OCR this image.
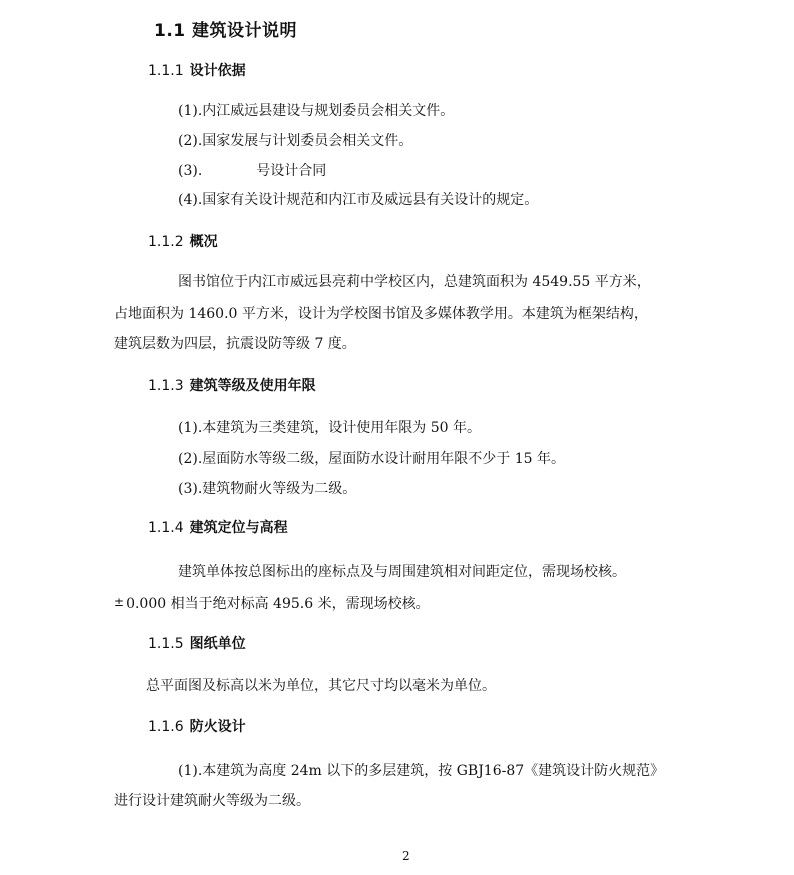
1.1 建筑设计说明
1.1.1 设计依据
(1).内江威远县建设与规划委员会相关文件。
(2).国家发展与计划委员会相关文件。
(3).	号设计合同
(4).国家有关设计规范和内江市及威远县有关设计的规定。
1.1.2 概况
图书馆位于内江市威远县亮莉中学校区内，总建筑面积为 4549.55 平方米，
占地面积为 1460.0 平方米，设计为学校图书馆及多媒体教学用。本建筑为框架结构，
建筑层数为四层，抗震设防等级 7 度。
1.1.3 建筑等级及使用年限
(1).本建筑为三类建筑，设计使用年限为 50 年。
(2).屋面防水等级二级，屋面防水设计耐用年限不少于 15 年。
(3).建筑物耐火等级为二级。
1.1.4 建筑定位与高程
建筑单体按总图标出的座标点及与周围建筑相对间距定位，需现场校核。
± 0.000 相当于绝对标高 495.6 米，需现场校核。
1.1.5 图纸单位
总平面图及标高以米为单位，其它尺寸均以毫米为单位。
1.1.6 防火设计
(1).本建筑为高度 24m 以下的多层建筑，按 GBJ16-87《建筑设计防火规范》
进行设计建筑耐火等级为二级。
2
